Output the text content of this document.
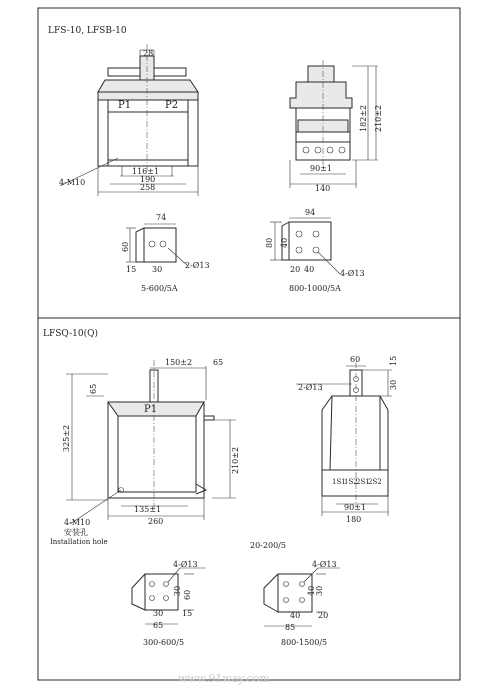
LFS-10, LFSB-10
28
P1	P2
4-M10
116±1
190
258
182±2 210±2
90±1
140
74
60
15 30	2-Ø13
5-600/5A
94
80 40
20 40	4-Ø13
800-1000/5A
LFSQ-10(Q)
150±2	65
65
P1
325±2
210±2
135±1
260
4-M10
安装孔
Installation hole	20-200/5
60	15
30
2-Ø13
1S1
1S2
2S1
2S2
90±1
180
4-Ø13
30 60
30 15
65
300-600/5
4-Ø13
40 30
40 20
85
800-1500/5
www.91way.com
